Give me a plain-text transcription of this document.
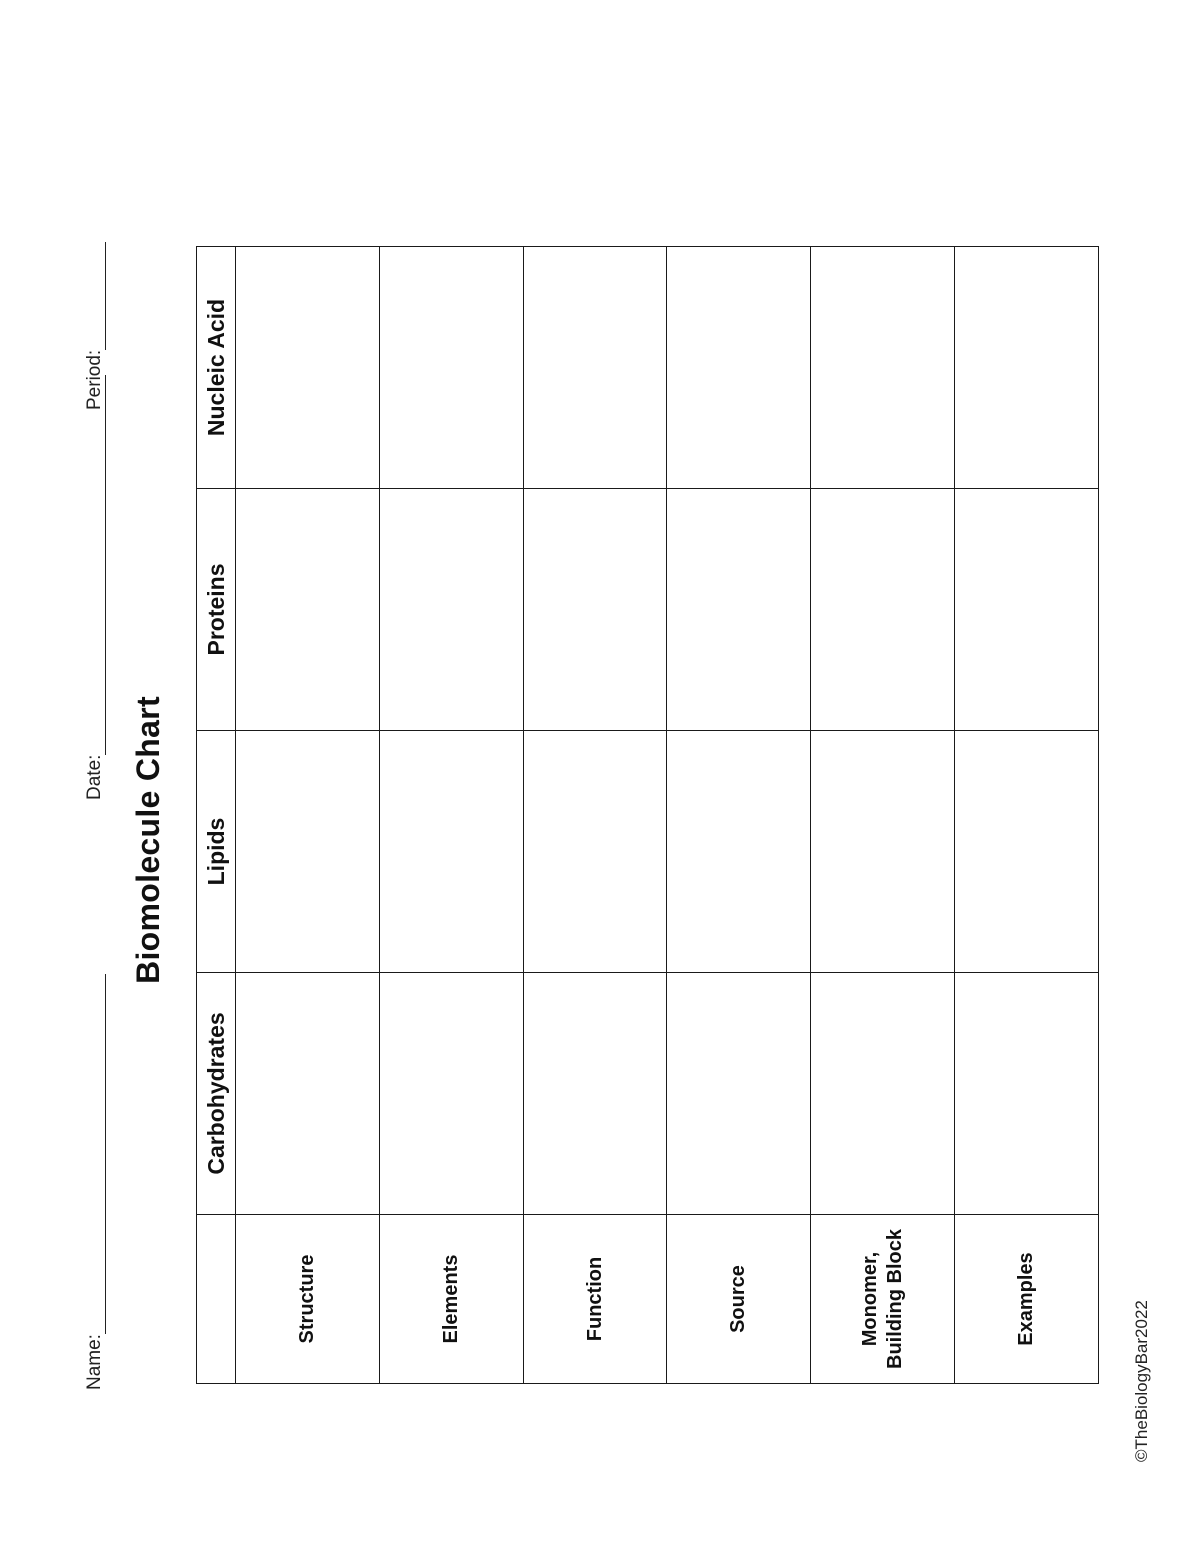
Name:
Date:
Period:
Biomolecule Chart
	Carbohydrates	Lipids	Proteins	Nucleic Acid
Structure				
Elements				
Function				
Source				
Monomer, Building Block				
Examples				
©TheBiologyBar2022
